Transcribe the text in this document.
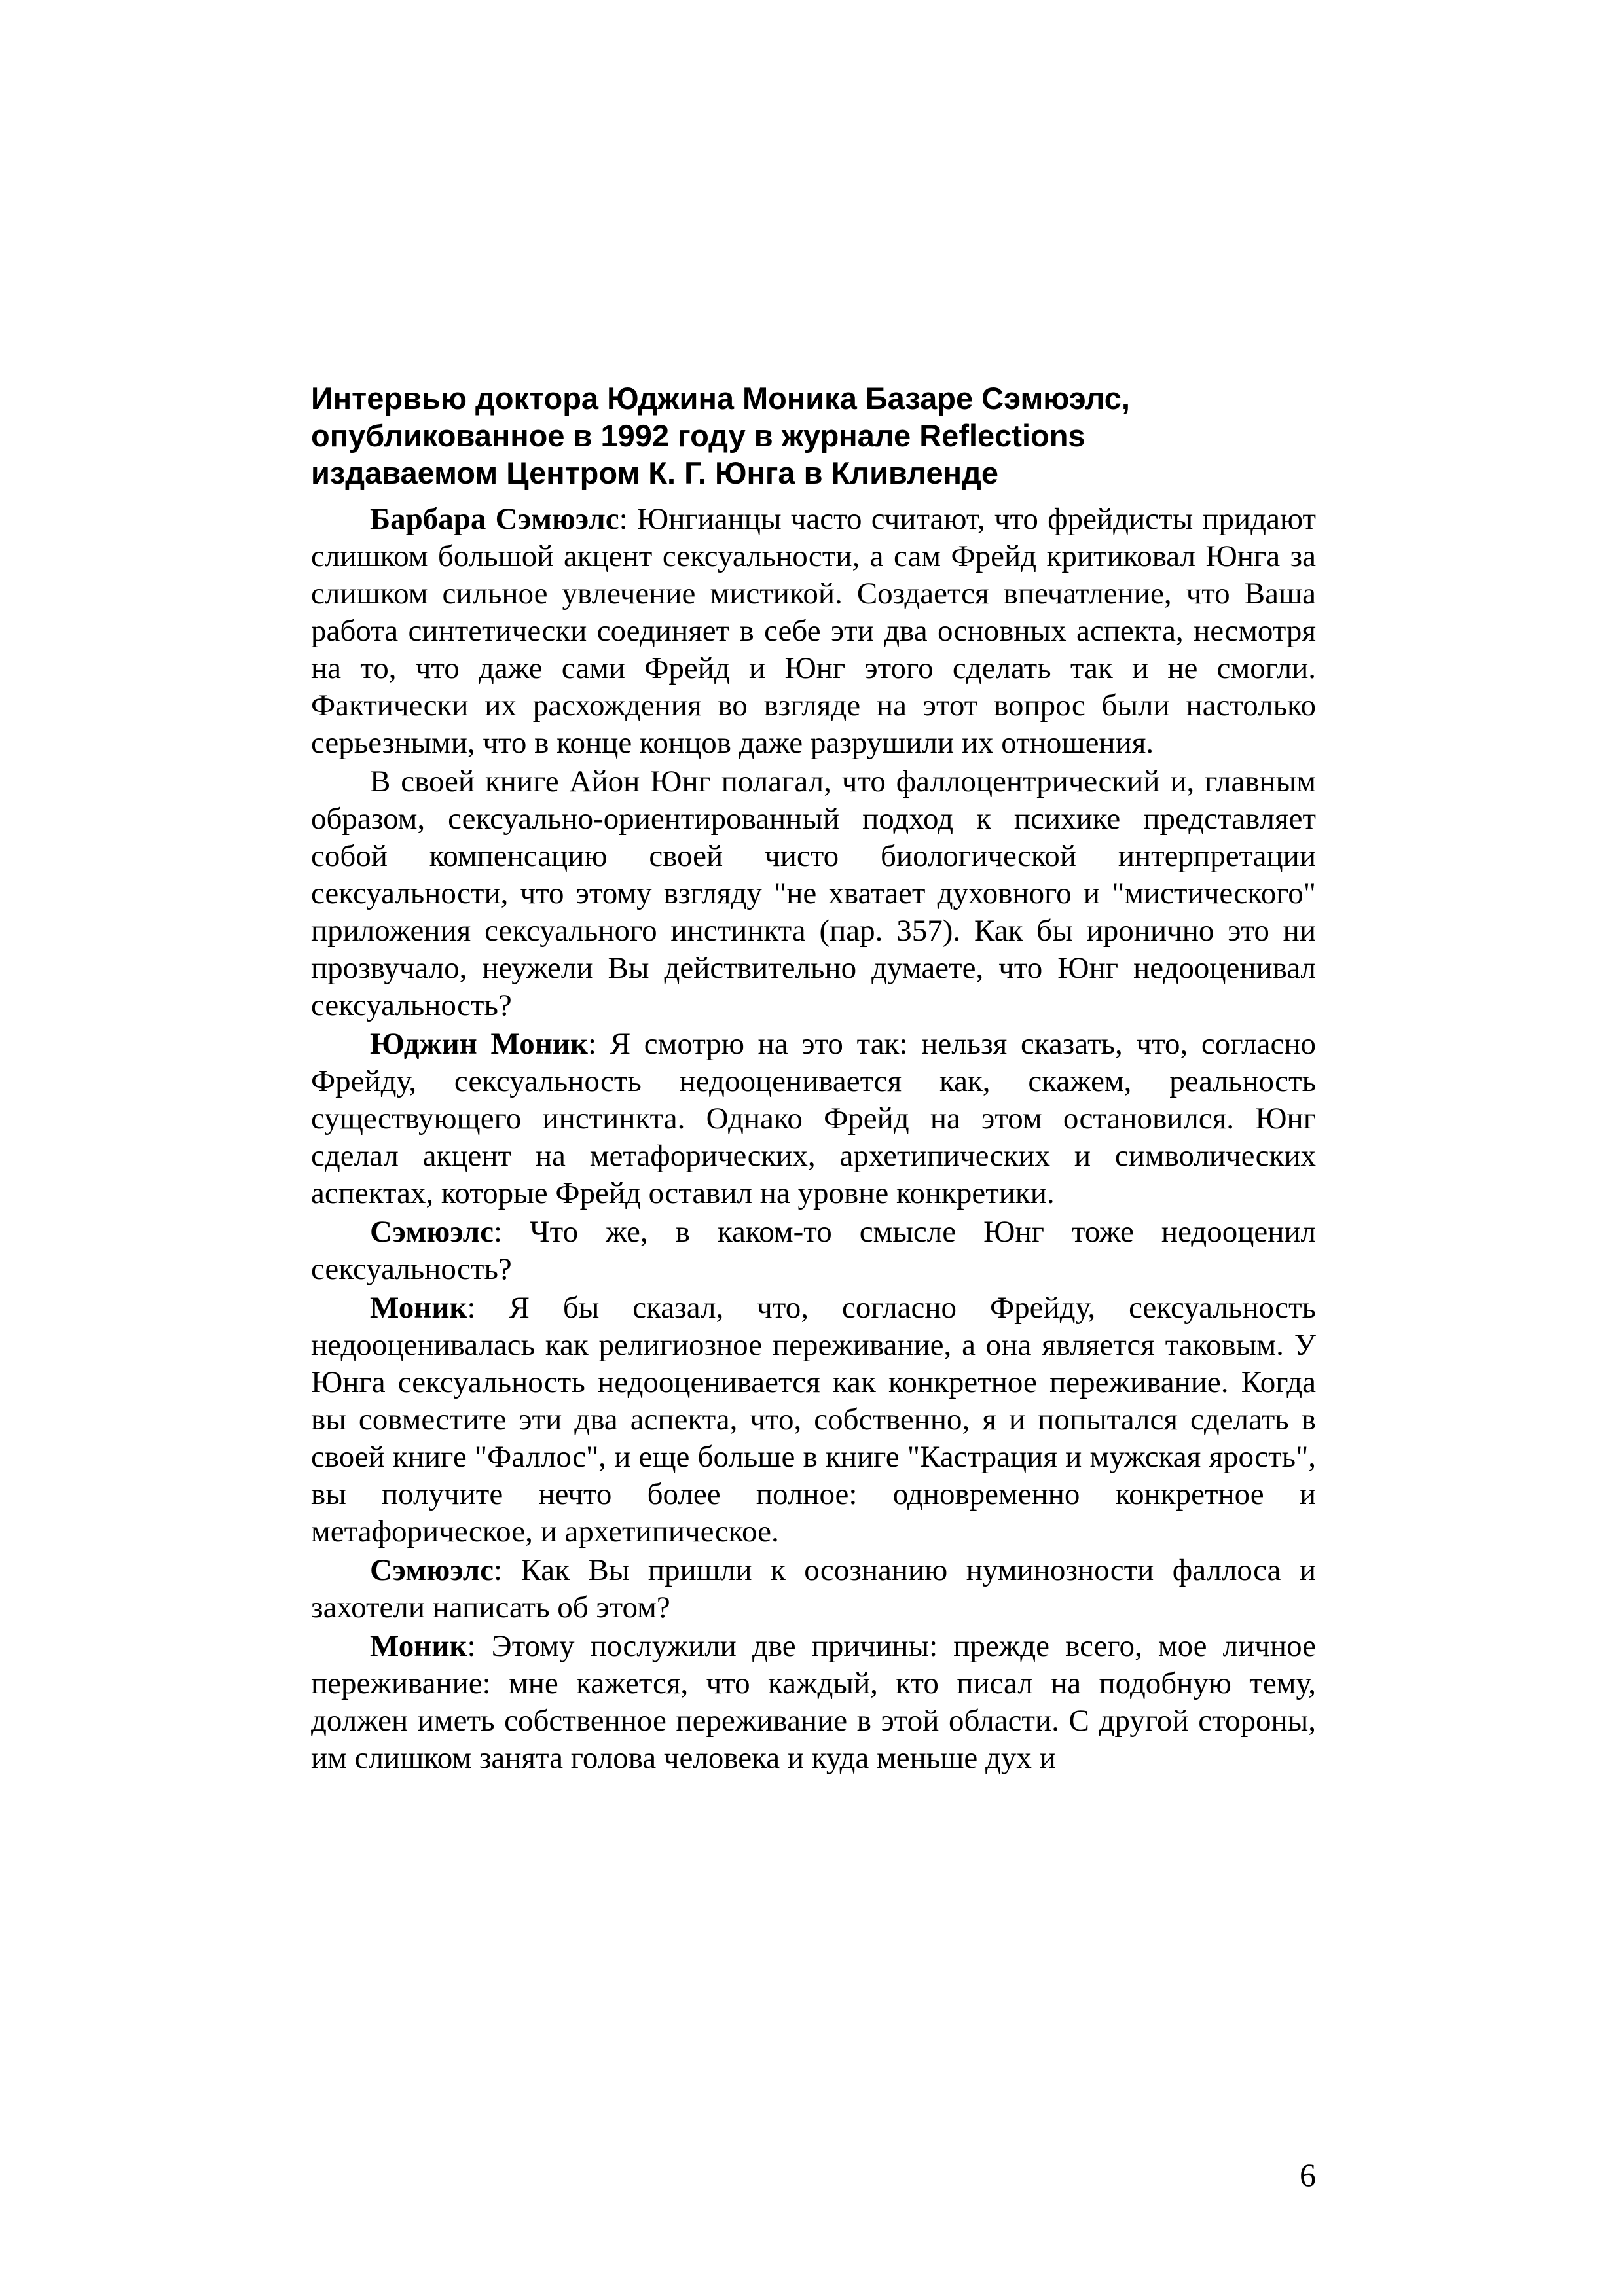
Интервью доктора Юджина Моника Базаре Сэмюэлс,
опубликованное в 1992 году в журнале Reflections
издаваемом Центром К. Г. Юнга в Кливленде

Барбара Сэмюэлс: Юнгианцы часто считают, что фрейдисты придают слишком большой акцент сексуальности, а сам Фрейд критиковал Юнга за слишком сильное увлечение мистикой. Создается впечатление, что Ваша работа синтетически соединяет в себе эти два основных аспекта, несмотря на то, что даже сами Фрейд и Юнг этого сделать так и не смогли. Фактически их расхождения во взгляде на этот вопрос были настолько серьезными, что в конце концов даже разрушили их отношения.

В своей книге Айон Юнг полагал, что фаллоцентрический и, главным образом, сексуально-ориентированный подход к психике представляет собой компенсацию своей чисто биологической интерпретации сексуальности, что этому взгляду "не хватает духовного и "мистического" приложения сексуального инстинкта (пар. 357). Как бы иронично это ни прозвучало, неужели Вы действительно думаете, что Юнг недооценивал сексуальность?

Юджин Моник: Я смотрю на это так: нельзя сказать, что, согласно Фрейду, сексуальность недооценивается как, скажем, реальность существующего инстинкта. Однако Фрейд на этом остановился. Юнг сделал акцент на метафорических, архетипических и символических аспектах, которые Фрейд оставил на уровне конкретики.

Сэмюэлс: Что же, в каком-то смысле Юнг тоже недооценил сексуальность?

Моник: Я бы сказал, что, согласно Фрейду, сексуальность недооценивалась как религиозное переживание, а она является таковым. У Юнга сексуальность недооценивается как конкретное переживание. Когда вы совместите эти два аспекта, что, собственно, я и попытался сделать в своей книге "Фаллос", и еще больше в книге "Кастрация и мужская ярость", вы получите нечто более полное: одновременно конкретное и метафорическое, и архетипическое.

Сэмюэлс: Как Вы пришли к осознанию нуминозности фаллоса и захотели написать об этом?

Моник: Этому послужили две причины: прежде всего, мое личное переживание: мне кажется, что каждый, кто писал на подобную тему, должен иметь собственное переживание в этой области. С другой стороны, им слишком занята голова человека и куда меньше дух и

6
